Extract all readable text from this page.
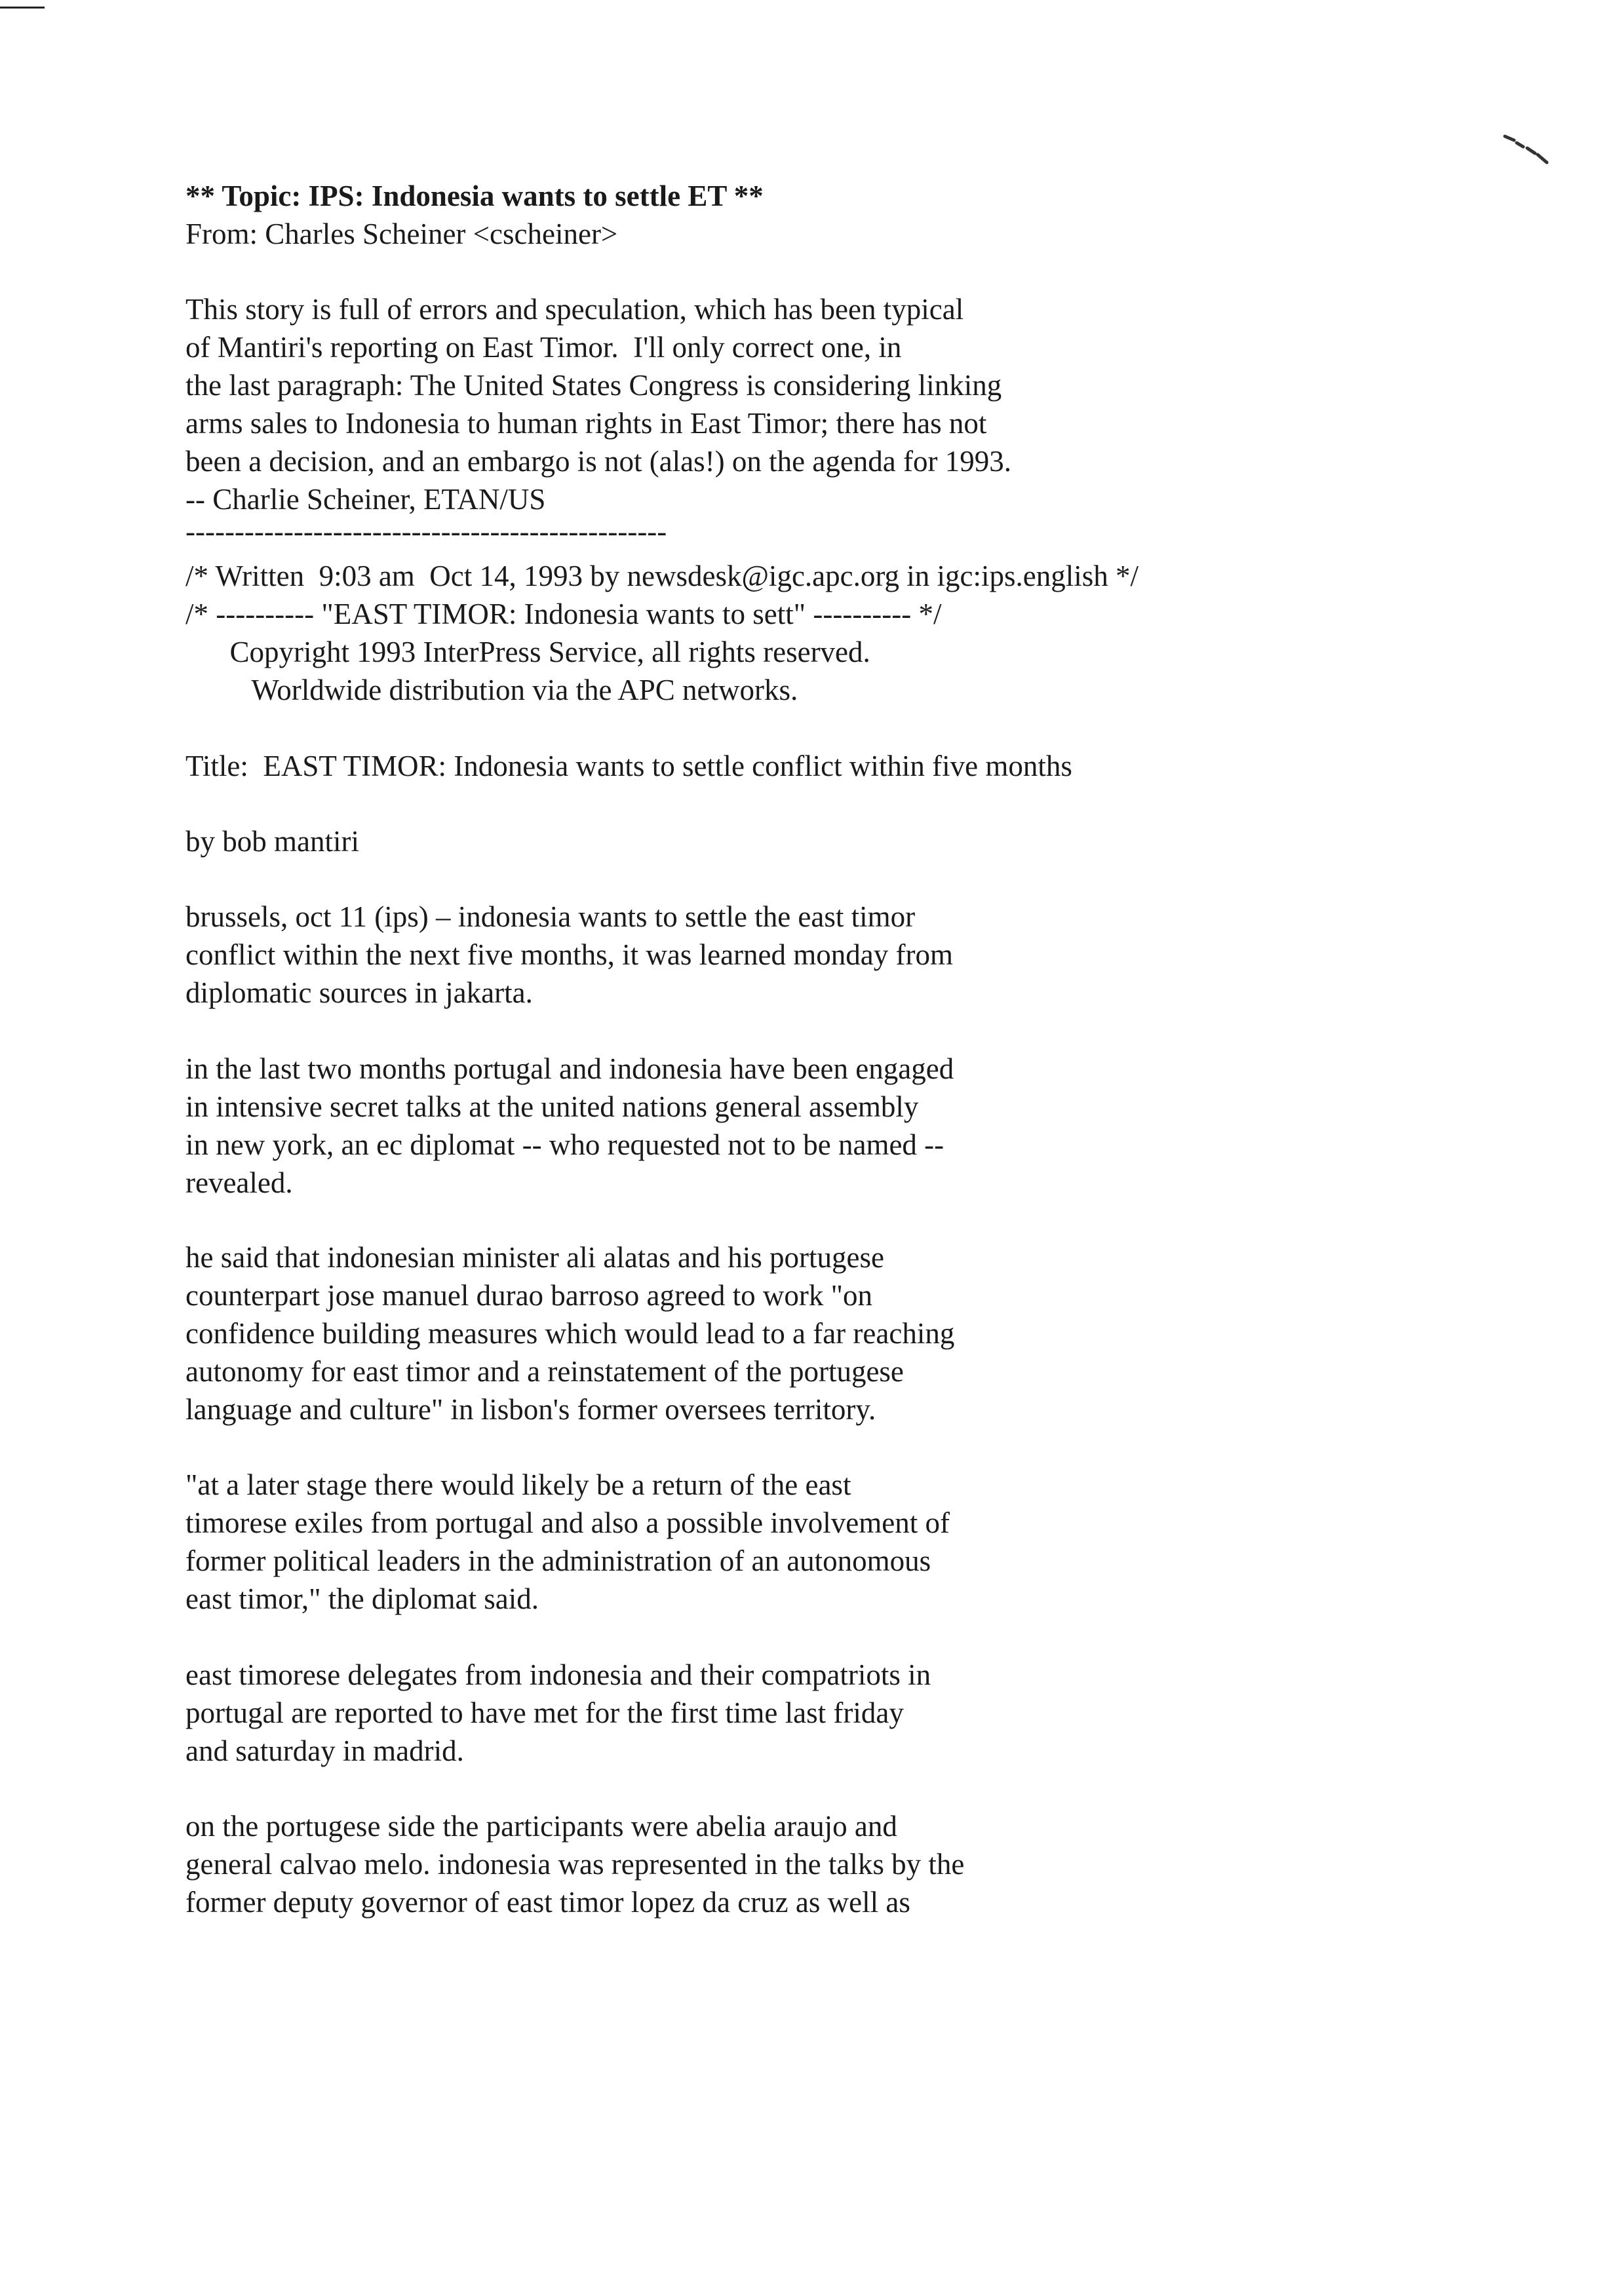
** Topic: IPS: Indonesia wants to settle ET **
From: Charles Scheiner <cscheiner>
This story is full of errors and speculation, which has been typical
of Mantiri's reporting on East Timor.  I'll only correct one, in
the last paragraph: The United States Congress is considering linking
arms sales to Indonesia to human rights in East Timor; there has not
been a decision, and an embargo is not (alas!) on the agenda for 1993.
-- Charlie Scheiner, ETAN/US
-------------------------------------------------
/* Written  9:03 am  Oct 14, 1993 by newsdesk@igc.apc.org in igc:ips.english */
/* ---------- "EAST TIMOR: Indonesia wants to sett" ---------- */
Copyright 1993 InterPress Service, all rights reserved.
Worldwide distribution via the APC networks.
Title:  EAST TIMOR: Indonesia wants to settle conflict within five months
by bob mantiri
brussels, oct 11 (ips) – indonesia wants to settle the east timor
conflict within the next five months, it was learned monday from
diplomatic sources in jakarta.
in the last two months portugal and indonesia have been engaged
in intensive secret talks at the united nations general assembly
in new york, an ec diplomat -- who requested not to be named --
revealed.
he said that indonesian minister ali alatas and his portugese
counterpart jose manuel durao barroso agreed to work "on
confidence building measures which would lead to a far reaching
autonomy for east timor and a reinstatement of the portugese
language and culture" in lisbon's former oversees territory.
"at a later stage there would likely be a return of the east
timorese exiles from portugal and also a possible involvement of
former political leaders in the administration of an autonomous
east timor," the diplomat said.
east timorese delegates from indonesia and their compatriots in
portugal are reported to have met for the first time last friday
and saturday in madrid.
on the portugese side the participants were abelia araujo and
general calvao melo. indonesia was represented in the talks by the
former deputy governor of east timor lopez da cruz as well as
